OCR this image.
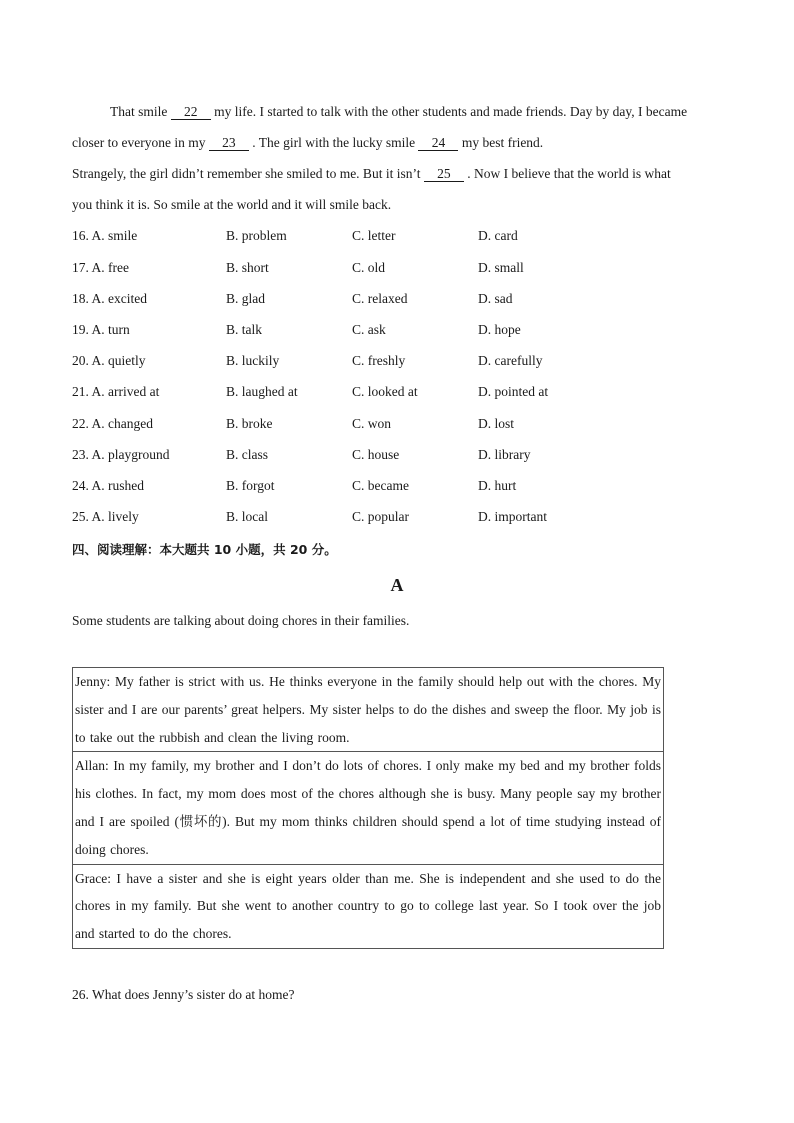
That smile 22 my life. I started to talk with the other students and made friends. Day by day, I became
closer to everyone in my 23 . The girl with the lucky smile 24 my best friend.
Strangely, the girl didn’t remember she smiled to me. But it isn’t 25 . Now I believe that the world is what
you think it is. So smile at the world and it will smile back.
16. A. smile	B. problem	C. letter	D. card
17. A. free	B. short	C. old	D. small
18. A. excited	B. glad	C. relaxed	D. sad
19. A. turn	B. talk	C. ask	D. hope
20. A. quietly	B. luckily	C. freshly	D. carefully
21. A. arrived at	B. laughed at	C. looked at	D. pointed at
22. A. changed	B. broke	C. won	D. lost
23. A. playground	B. class	C. house	D. library
24. A. rushed	B. forgot	C. became	D. hurt
25. A. lively	B. local	C. popular	D. important
四、阅读理解：本大题共 10 小题，共 20 分。
A
Some students are talking about doing chores in their families.
Jenny: My father is strict with us. He thinks everyone in the family should help out with the chores. My sister and I are our parents’ great helpers. My sister helps to do the dishes and sweep the floor. My job is to take out the rubbish and clean the living room.
Allan: In my family, my brother and I don’t do lots of chores. I only make my bed and my brother folds his clothes. In fact, my mom does most of the chores although she is busy. Many people say my brother and I are spoiled (惯坏的). But my mom thinks children should spend a lot of time studying instead of doing chores.
Grace: I have a sister and she is eight years older than me. She is independent and she used to do the chores in my family. But she went to another country to go to college last year. So I took over the job and started to do the chores.
26. What does Jenny’s sister do at home?
